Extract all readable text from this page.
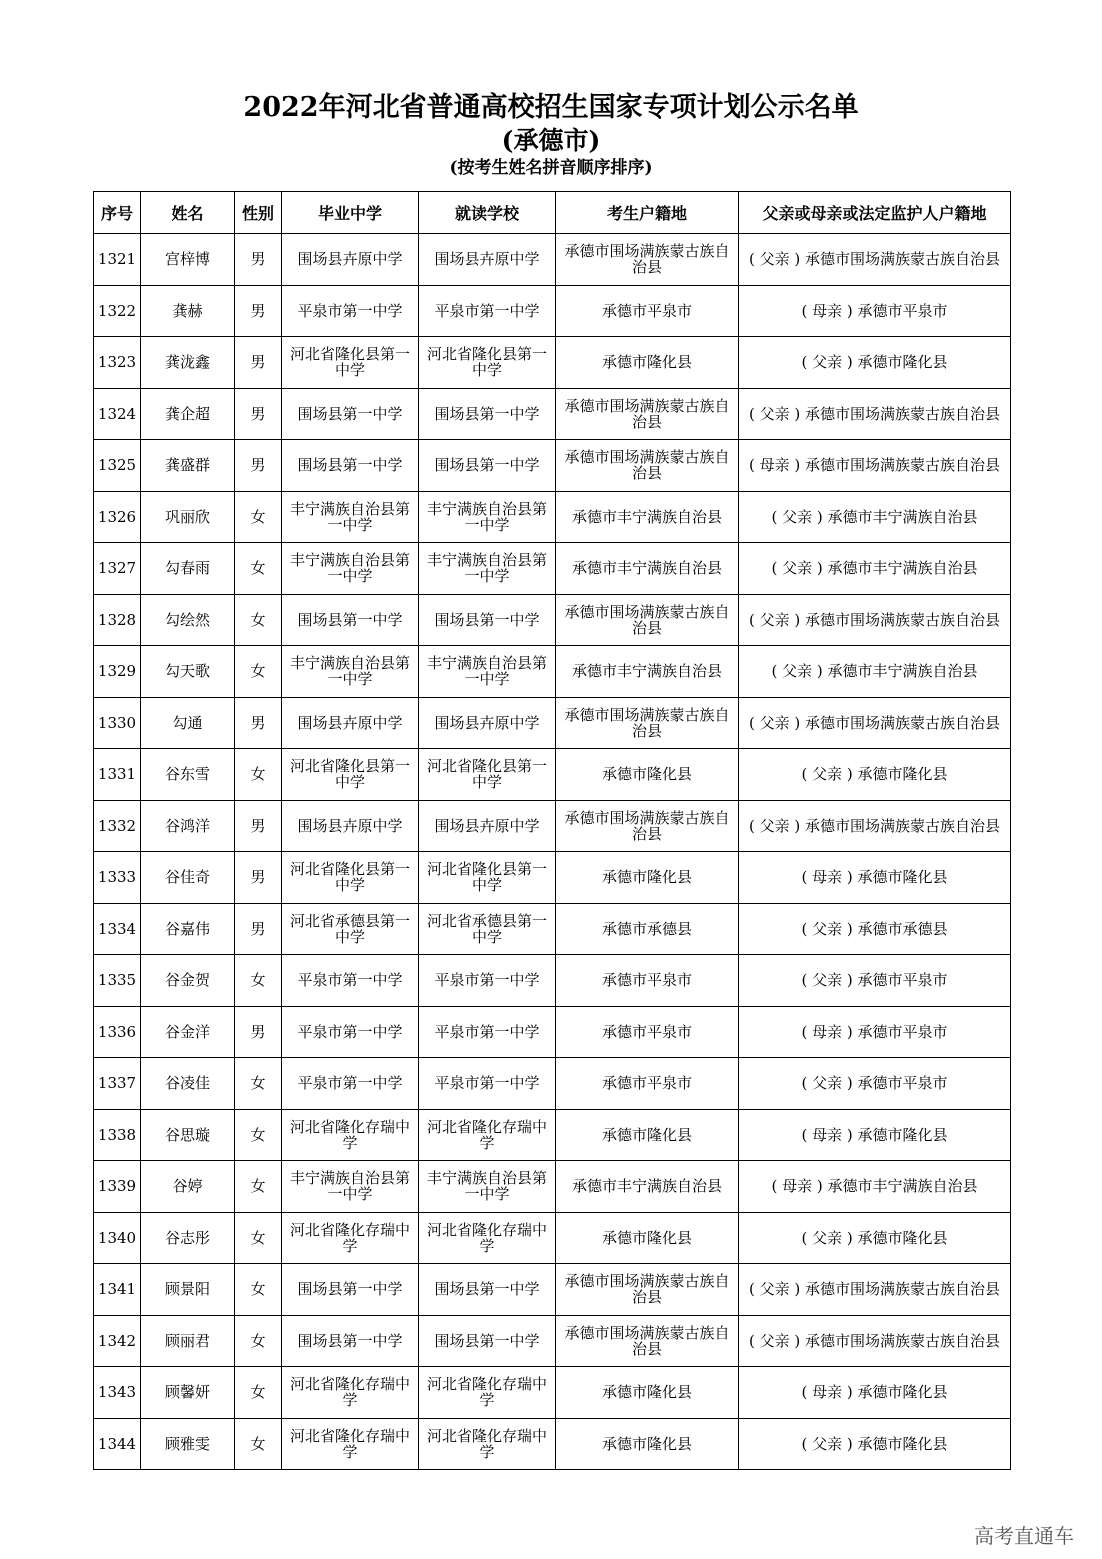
2022年河北省普通高校招生国家专项计划公示名单
(承德市)
(按考生姓名拼音顺序排序)
序号	姓名	性别	毕业中学	就读学校	考生户籍地	父亲或母亲或法定监护人户籍地
1321	宫梓博	男	围场县卉原中学	围场县卉原中学	承德市围场满族蒙古族自治县	( 父亲 ) 承德市围场满族蒙古族自治县
1322	龚赫	男	平泉市第一中学	平泉市第一中学	承德市平泉市	( 母亲 ) 承德市平泉市
1323	龚泷鑫	男	河北省隆化县第一中学	河北省隆化县第一中学	承德市隆化县	( 父亲 ) 承德市隆化县
1324	龚企超	男	围场县第一中学	围场县第一中学	承德市围场满族蒙古族自治县	( 父亲 ) 承德市围场满族蒙古族自治县
1325	龚盛群	男	围场县第一中学	围场县第一中学	承德市围场满族蒙古族自治县	( 母亲 ) 承德市围场满族蒙古族自治县
1326	巩丽欣	女	丰宁满族自治县第一中学	丰宁满族自治县第一中学	承德市丰宁满族自治县	( 父亲 ) 承德市丰宁满族自治县
1327	勾春雨	女	丰宁满族自治县第一中学	丰宁满族自治县第一中学	承德市丰宁满族自治县	( 父亲 ) 承德市丰宁满族自治县
1328	勾绘然	女	围场县第一中学	围场县第一中学	承德市围场满族蒙古族自治县	( 父亲 ) 承德市围场满族蒙古族自治县
1329	勾天歌	女	丰宁满族自治县第一中学	丰宁满族自治县第一中学	承德市丰宁满族自治县	( 父亲 ) 承德市丰宁满族自治县
1330	勾通	男	围场县卉原中学	围场县卉原中学	承德市围场满族蒙古族自治县	( 父亲 ) 承德市围场满族蒙古族自治县
1331	谷东雪	女	河北省隆化县第一中学	河北省隆化县第一中学	承德市隆化县	( 父亲 ) 承德市隆化县
1332	谷鸿洋	男	围场县卉原中学	围场县卉原中学	承德市围场满族蒙古族自治县	( 父亲 ) 承德市围场满族蒙古族自治县
1333	谷佳奇	男	河北省隆化县第一中学	河北省隆化县第一中学	承德市隆化县	( 母亲 ) 承德市隆化县
1334	谷嘉伟	男	河北省承德县第一中学	河北省承德县第一中学	承德市承德县	( 父亲 ) 承德市承德县
1335	谷金贺	女	平泉市第一中学	平泉市第一中学	承德市平泉市	( 父亲 ) 承德市平泉市
1336	谷金洋	男	平泉市第一中学	平泉市第一中学	承德市平泉市	( 母亲 ) 承德市平泉市
1337	谷凌佳	女	平泉市第一中学	平泉市第一中学	承德市平泉市	( 父亲 ) 承德市平泉市
1338	谷思璇	女	河北省隆化存瑞中学	河北省隆化存瑞中学	承德市隆化县	( 母亲 ) 承德市隆化县
1339	谷婷	女	丰宁满族自治县第一中学	丰宁满族自治县第一中学	承德市丰宁满族自治县	( 母亲 ) 承德市丰宁满族自治县
1340	谷志彤	女	河北省隆化存瑞中学	河北省隆化存瑞中学	承德市隆化县	( 父亲 ) 承德市隆化县
1341	顾景阳	女	围场县第一中学	围场县第一中学	承德市围场满族蒙古族自治县	( 父亲 ) 承德市围场满族蒙古族自治县
1342	顾丽君	女	围场县第一中学	围场县第一中学	承德市围场满族蒙古族自治县	( 父亲 ) 承德市围场满族蒙古族自治县
1343	顾馨妍	女	河北省隆化存瑞中学	河北省隆化存瑞中学	承德市隆化县	( 母亲 ) 承德市隆化县
1344	顾雅雯	女	河北省隆化存瑞中学	河北省隆化存瑞中学	承德市隆化县	( 父亲 ) 承德市隆化县
高考直通车
